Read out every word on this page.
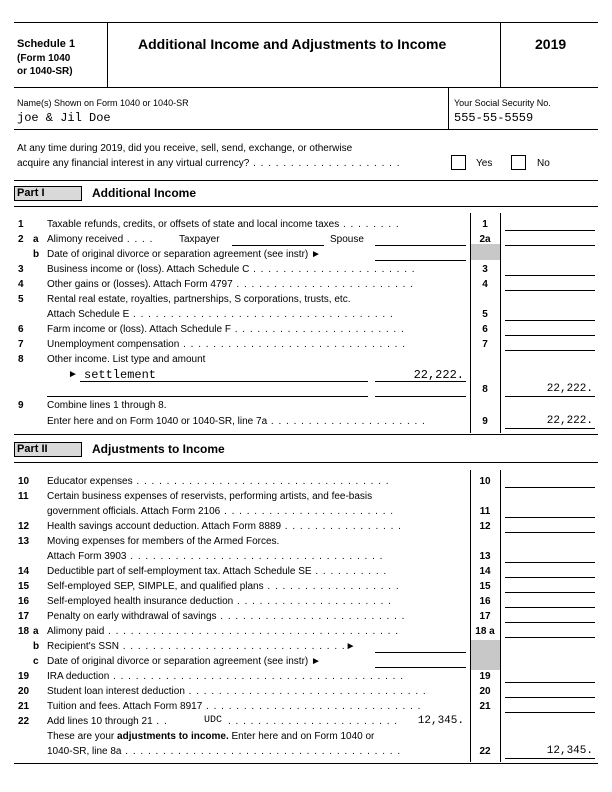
Schedule 1
(Form 1040
or 1040-SR)
Additional Income and Adjustments to Income	2019
Name(s) Shown on Form 1040 or 1040-SR
joe & Jil Doe
Your Social Security No.
555-55-5559
At any time during 2019, did you receive, sell, send, exchange, or otherwise
acquire any financial interest in any virtual currency? . . . . . . . . . . . . . . . . . . . .	Yes	No
Part I	Additional Income
1 Taxable refunds, credits, or offsets of state and local income taxes . . . . . . . .	1
2 a Alimony received . . . .	Taxpayer	Spouse	2a
b Date of original divorce or separation agreement (see instr) ►
3 Business income or (loss). Attach Schedule C . . . . . . . . . . . . . . . . . . . . . .	3
4 Other gains or (losses). Attach Form 4797 . . . . . . . . . . . . . . . . . . . . . . . .	4
5 Rental real estate, royalties, partnerships, S corporations, trusts, etc.
Attach Schedule E . . . . . . . . . . . . . . . . . . . . . . . . . . . . . . . . . . .	5
6 Farm income or (loss). Attach Schedule F . . . . . . . . . . . . . . . . . . . . . . .	6
7 Unemployment compensation . . . . . . . . . . . . . . . . . . . . . . . . . . . . . .	7
8 Other income. List type and amount
► settlement	22,222.
8	22,222.
9 Combine lines 1 through 8.
Enter here and on Form 1040 or 1040-SR, line 7a . . . . . . . . . . . . . . . . . . . . .	9	22,222.
Part II	Adjustments to Income
10 Educator expenses . . . . . . . . . . . . . . . . . . . . . . . . . . . . . . . . . .	10
11 Certain business expenses of reservists, performing artists, and fee-basis
government officials. Attach Form 2106 . . . . . . . . . . . . . . . . . . . . . . .	11
12 Health savings account deduction. Attach Form 8889 . . . . . . . . . . . . . . . .	12
13 Moving expenses for members of the Armed Forces.
Attach Form 3903 . . . . . . . . . . . . . . . . . . . . . . . . . . . . . . . . . .	13
14 Deductible part of self-employment tax. Attach Schedule SE . . . . . . . . . .	14
15 Self-employed SEP, SIMPLE, and qualified plans . . . . . . . . . . . . . . . . . .	15
16 Self-employed health insurance deduction . . . . . . . . . . . . . . . . . . . . .	16
17 Penalty on early withdrawal of savings . . . . . . . . . . . . . . . . . . . . . . . . .	17
18 a Alimony paid . . . . . . . . . . . . . . . . . . . . . . . . . . . . . . . . . . . . . . .	18 a
b Recipient's SSN . . . . . . . . . . . . . . . . . . . . . . . . . . . . . .►
c Date of original divorce or separation agreement (see instr) ►
19 IRA deduction . . . . . . . . . . . . . . . . . . . . . . . . . . . . . . . . . . . . . . .	19
20 Student loan interest deduction . . . . . . . . . . . . . . . . . . . . . . . . . . . . . . . .	20
21 Tuition and fees. Attach Form 8917 . . . . . . . . . . . . . . . . . . . . . . . . . . . . .	21
22 Add lines 10 through 21 . .	UDC . . . . . . . . . . . . . . . . . . . . . . .	12,345.
These are your adjustments to income. Enter here and on Form 1040 or
1040-SR, line 8a . . . . . . . . . . . . . . . . . . . . . . . . . . . . . . . . . . . . .	22	12,345.
